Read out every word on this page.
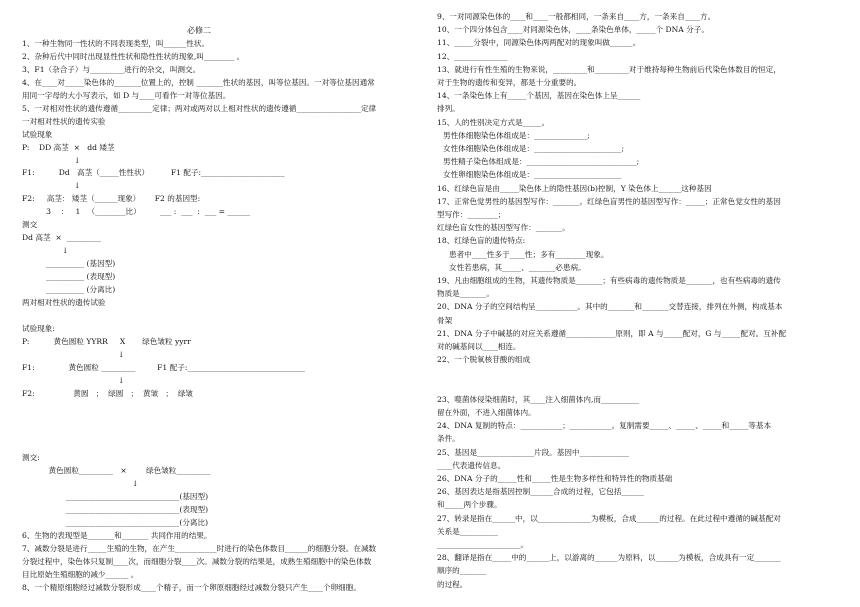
必修二
1、一种生物同一性状的不同表现类型，叫______性状。
2、杂种后代中同时出现显性性状和隐性性状的现象,叫________ 。
3、F1（杂合子）与_________进行的杂交，叫测交。
4、在____对_____染色体的_______位置上的，控制 _______性状的基因，叫等位基因。一对等位基因通常
用同一字母的大小写表示，如 D 与____可看作一对等位基因。
5、一对相对性状的遗传遵循_________定律；两对或两对以上相对性状的遗传遵循_________________定律
一对相对性状的遗传实验
试验现象
P:    DD 高茎  ×   dd 矮茎
↓
F1:          Dd   高茎（_____性性状）         F1 配子:______________________
↓
F2:     高茎： 矮茎（______现象）      F2 的基因型:
3    ：   1   （________比）        ___ :  ___  :  ___ = ______
测交
Dd 高茎  ×  _________
↓
__________ (基因型)
__________ (表现型)
__________ (分离比)
两对相对性状的遗传试验
试验现象:
P:          黄色圆粒 YYRR     X       绿色皱粒 yyrr
↓
F1:              黄色圆粒 _________         F1 配子:_______________________________
↓
F2:                黄圆   ；  绿圆   ；  黄皱   ；  绿皱
测交:
黄色圆粒_________   ×        绿色皱粒_________
↓
______________________________(基因型)
______________________________(表现型)
______________________________(分离比)
6、生物的表现型是_______和_______ 共同作用的结果。
7、减数分裂是进行_____生殖的生物，在产生___________时进行的染色体数目______的细胞分裂。在减数
分裂过程中，染色体只复制____次，而细胞分裂____次。减数分裂的结果是，成熟生殖细胞中的染色体数
目比原始生殖细胞的减少______ 。
8、一个精原细胞经过减数分裂形成____个精子，而一个卵原细胞经过减数分裂只产生____个卵细胞。
9、一对同源染色体的____和____一般都相同，一条来自____方，一条来自____方。
10、一个四分体包含____对同源染色体，____条染色单体，_____个 DNA 分子。
11、_____分裂中，同源染色体两两配对的现象叫做______。
12、______________
13、就进行有性生殖的生物来说，_________和_________对于维持每种生物前后代染色体数目的恒定，
对于生物的遗传和变异，都是十分重要的。
14、一条染色体上有_____个基因，基因在染色体上呈______
排列。
15、人的性别决定方式是_____。
男性体细胞染色体组成是：______________;
女性体细胞染色体组成是：_______________________;
男性精子染色体组成是：_____________________________;
女性卵细胞染色体组成是：_______________________
16、红绿色盲是由_____染色体上的隐性基因(b)控制，Y 染色体上______这种基因
17、正常色觉男性的基因型写作：_______。红绿色盲男性的基因型写作：_____；正常色觉女性的基因
型写作：________；
红绿色盲女性的基因型写作：_______。
18、红绿色盲的遗传特点:
患者中____性多于____性；多有________现象。
女性若患病，其_____、_______必患病。
19、凡由细胞组成的生物，其遗传物质是_______；有些病毒的遗传物质是_______，也有些病毒的遗传
物质是_______。
20、DNA 分子的空间结构呈___________。其中的_______和_______交替连接，排列在外侧，构成基本
骨架
21、DNA 分子中碱基的对应关系遵循_____________原则，即 A 与_____配对，G 与_____配对。互补配
对的碱基间以____相连。
22、一个脱氧核苷酸的组成
23、噬菌体侵染细菌时，其____注入细菌体内,而__________
留在外面，不进入细菌体内。
24、DNA 复制的特点：___________；___________。复制需要_____、_____、_____和_____等基本
条件。
25、基因是_______________片段。基因中_____________
____代表遗传信息。
26、DNA 分子的_____性和_____性是生物多样性和特异性的物质基础
26、基因表达是指基因控制______合成的过程，它包括______
和_____两个步骤。
27、转录是指在______中，以______________为模板，合成______的过程。在此过程中遵循的碱基配对
关系是__________
______________________。
28、翻译是指在_____中的______上，以游离的______为原料，以______为模板，合成具有一定_______
顺序的_______
的过程。
